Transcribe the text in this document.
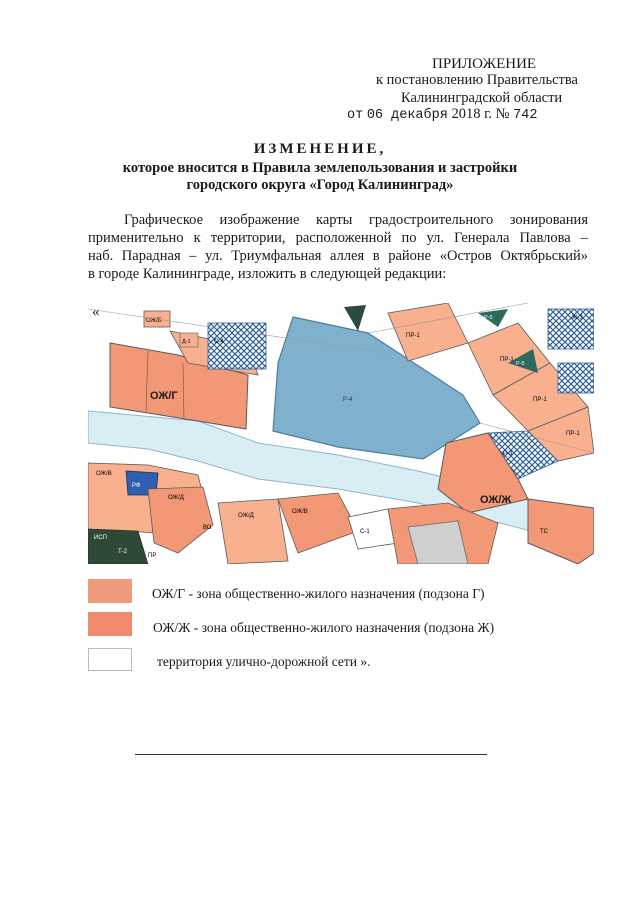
ПРИЛОЖЕНИЕ
к постановлению Правительства
Калининградской области
от 06 декабря 2018 г. № 742
ИЗМЕНЕНИЕ,
которое вносится в Правила землепользования и застройки
городского округа «Город Калининград»
Графическое изображение карты градостроительного зонирования
применительно к территории, расположенной по ул. Генерала Павлова –
наб. Парадная – ул. Триумфальная аллея в районе «Остров Октябрьский»
в городе Калининграде, изложить в следующей редакции:
Р-4
ОЖ/Г
ОЖ/Б
С-4
Д-1
ПР-1
ПР-1
ПР-1
ПР-1
Р-5
Р-5
Ж-3
Р-3
ОЖ/Ж
ОЖ/В
РФ
ОЖ/Д
ИСП
ВО
ОЖ/Д
ОЖ/В
С-1
ПР
Т-2
ТС
«
ОЖ/Г - зона общественно-жилого назначения (подзона Г)
ОЖ/Ж - зона общественно-жилого назначения (подзона Ж)
территория улично-дорожной сети ».
